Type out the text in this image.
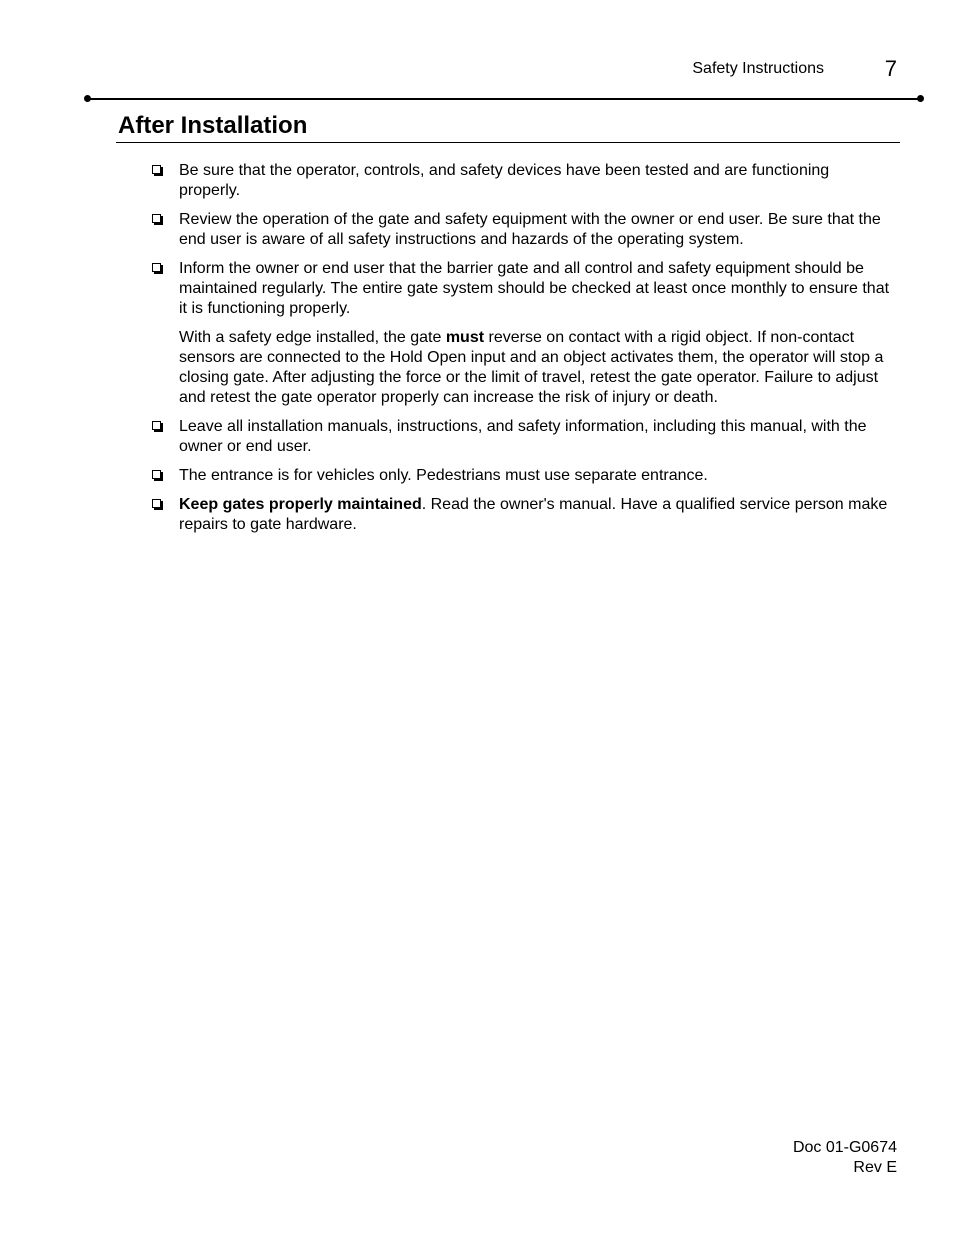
Safety Instructions	7
After Installation
Be sure that the operator, controls, and safety devices have been tested and are functioning properly.
Review the operation of the gate and safety equipment with the owner or end user. Be sure that the end user is aware of all safety instructions and hazards of the operating system.
Inform the owner or end user that the barrier gate and all control and safety equipment should be maintained regularly. The entire gate system should be checked at least once monthly to ensure that it is functioning properly.
With a safety edge installed, the gate must reverse on contact with a rigid object. If non-contact sensors are connected to the Hold Open input and an object activates them, the operator will stop a closing gate. After adjusting the force or the limit of travel, retest the gate operator. Failure to adjust and retest the gate operator properly can increase the risk of injury or death.
Leave all installation manuals, instructions, and safety information, including this manual, with the owner or end user.
The entrance is for vehicles only. Pedestrians must use separate entrance.
Keep gates properly maintained. Read the owner's manual. Have a qualified service person make repairs to gate hardware.
Doc 01-G0674
Rev E
